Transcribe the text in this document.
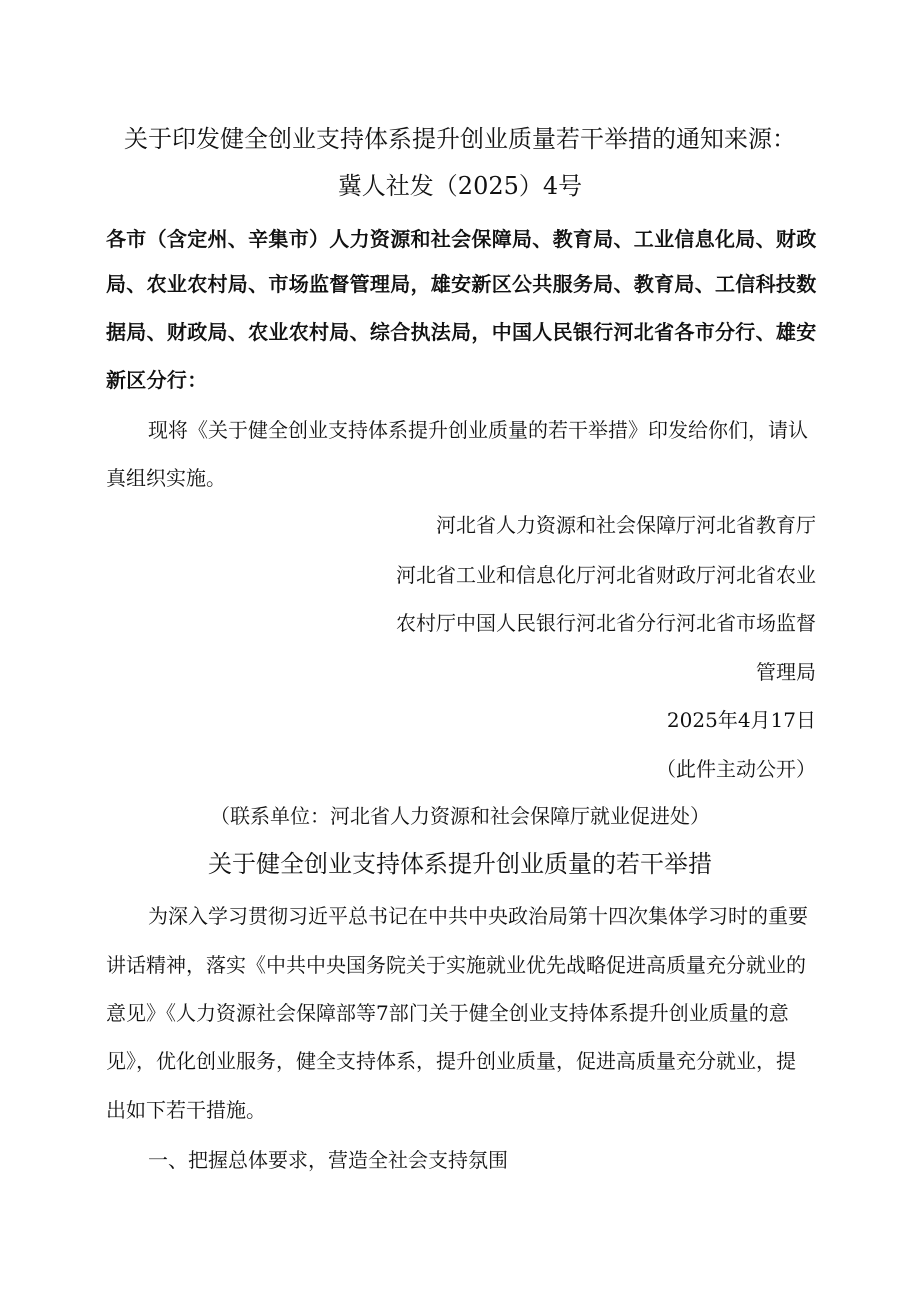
关于印发健全创业支持体系提升创业质量若干举措的通知来源：
冀人社发（2025）4号
各市（含定州、辛集市）人力资源和社会保障局、教育局、工业信息化局、财政
局、农业农村局、市场监督管理局，雄安新区公共服务局、教育局、工信科技数
据局、财政局、农业农村局、综合执法局，中国人民银行河北省各市分行、雄安
新区分行：
现将《关于健全创业支持体系提升创业质量的若干举措》印发给你们，请认
真组织实施。
河北省人力资源和社会保障厅河北省教育厅
河北省工业和信息化厅河北省财政厅河北省农业
农村厅中国人民银行河北省分行河北省市场监督
管理局
2025年4月17日
（此件主动公开）
（联系单位：河北省人力资源和社会保障厅就业促进处）
关于健全创业支持体系提升创业质量的若干举措
为深入学习贯彻习近平总书记在中共中央政治局第十四次集体学习时的重要
讲话精神，落实《中共中央国务院关于实施就业优先战略促进高质量充分就业的
意见》《人力资源社会保障部等7部门关于健全创业支持体系提升创业质量的意
见》，优化创业服务，健全支持体系，提升创业质量，促进高质量充分就业，提
出如下若干措施。
一、把握总体要求，营造全社会支持氛围
